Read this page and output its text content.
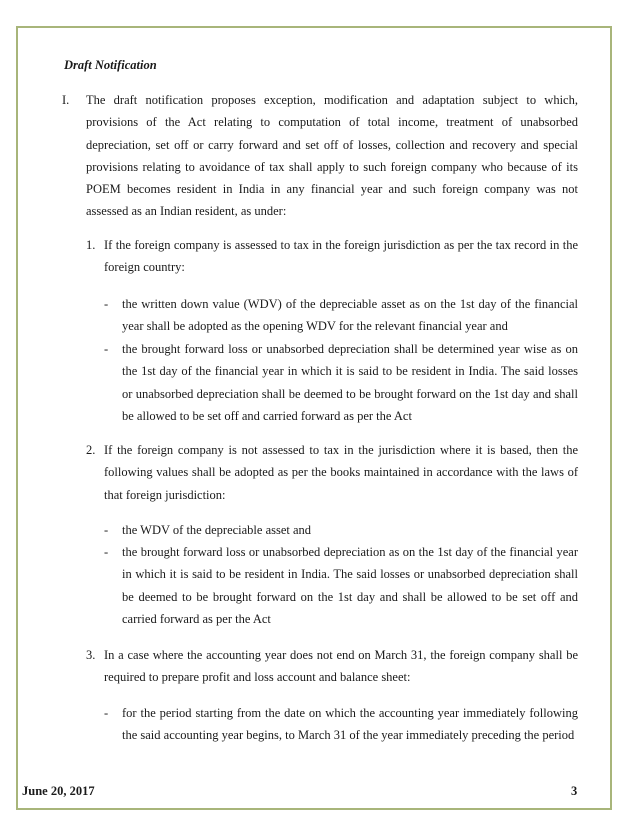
Draft Notification
I. The draft notification proposes exception, modification and adaptation subject to which, provisions of the Act relating to computation of total income, treatment of unabsorbed depreciation, set off or carry forward and set off of losses, collection and recovery and special provisions relating to avoidance of tax shall apply to such foreign company who because of its POEM becomes resident in India in any financial year and such foreign company was not assessed as an Indian resident, as under:

1. If the foreign company is assessed to tax in the foreign jurisdiction as per the tax record in the foreign country:

- the written down value (WDV) of the depreciable asset as on the 1st day of the financial year shall be adopted as the opening WDV for the relevant financial year and

- the brought forward loss or unabsorbed depreciation shall be determined year wise as on the 1st day of the financial year in which it is said to be resident in India. The said losses or unabsorbed depreciation shall be deemed to be brought forward on the 1st day and shall be allowed to be set off and carried forward as per the Act

2. If the foreign company is not assessed to tax in the jurisdiction where it is based, then the following values shall be adopted as per the books maintained in accordance with the laws of that foreign jurisdiction:

- the WDV of the depreciable asset and

- the brought forward loss or unabsorbed depreciation as on the 1st day of the financial year in which it is said to be resident in India. The said losses or unabsorbed depreciation shall be deemed to be brought forward on the 1st day and shall be allowed to be set off and carried forward as per the Act

3. In a case where the accounting year does not end on March 31, the foreign company shall be required to prepare profit and loss account and balance sheet:

- for the period starting from the date on which the accounting year immediately following the said accounting year begins, to March 31 of the year immediately preceding the period

June 20, 2017	3
